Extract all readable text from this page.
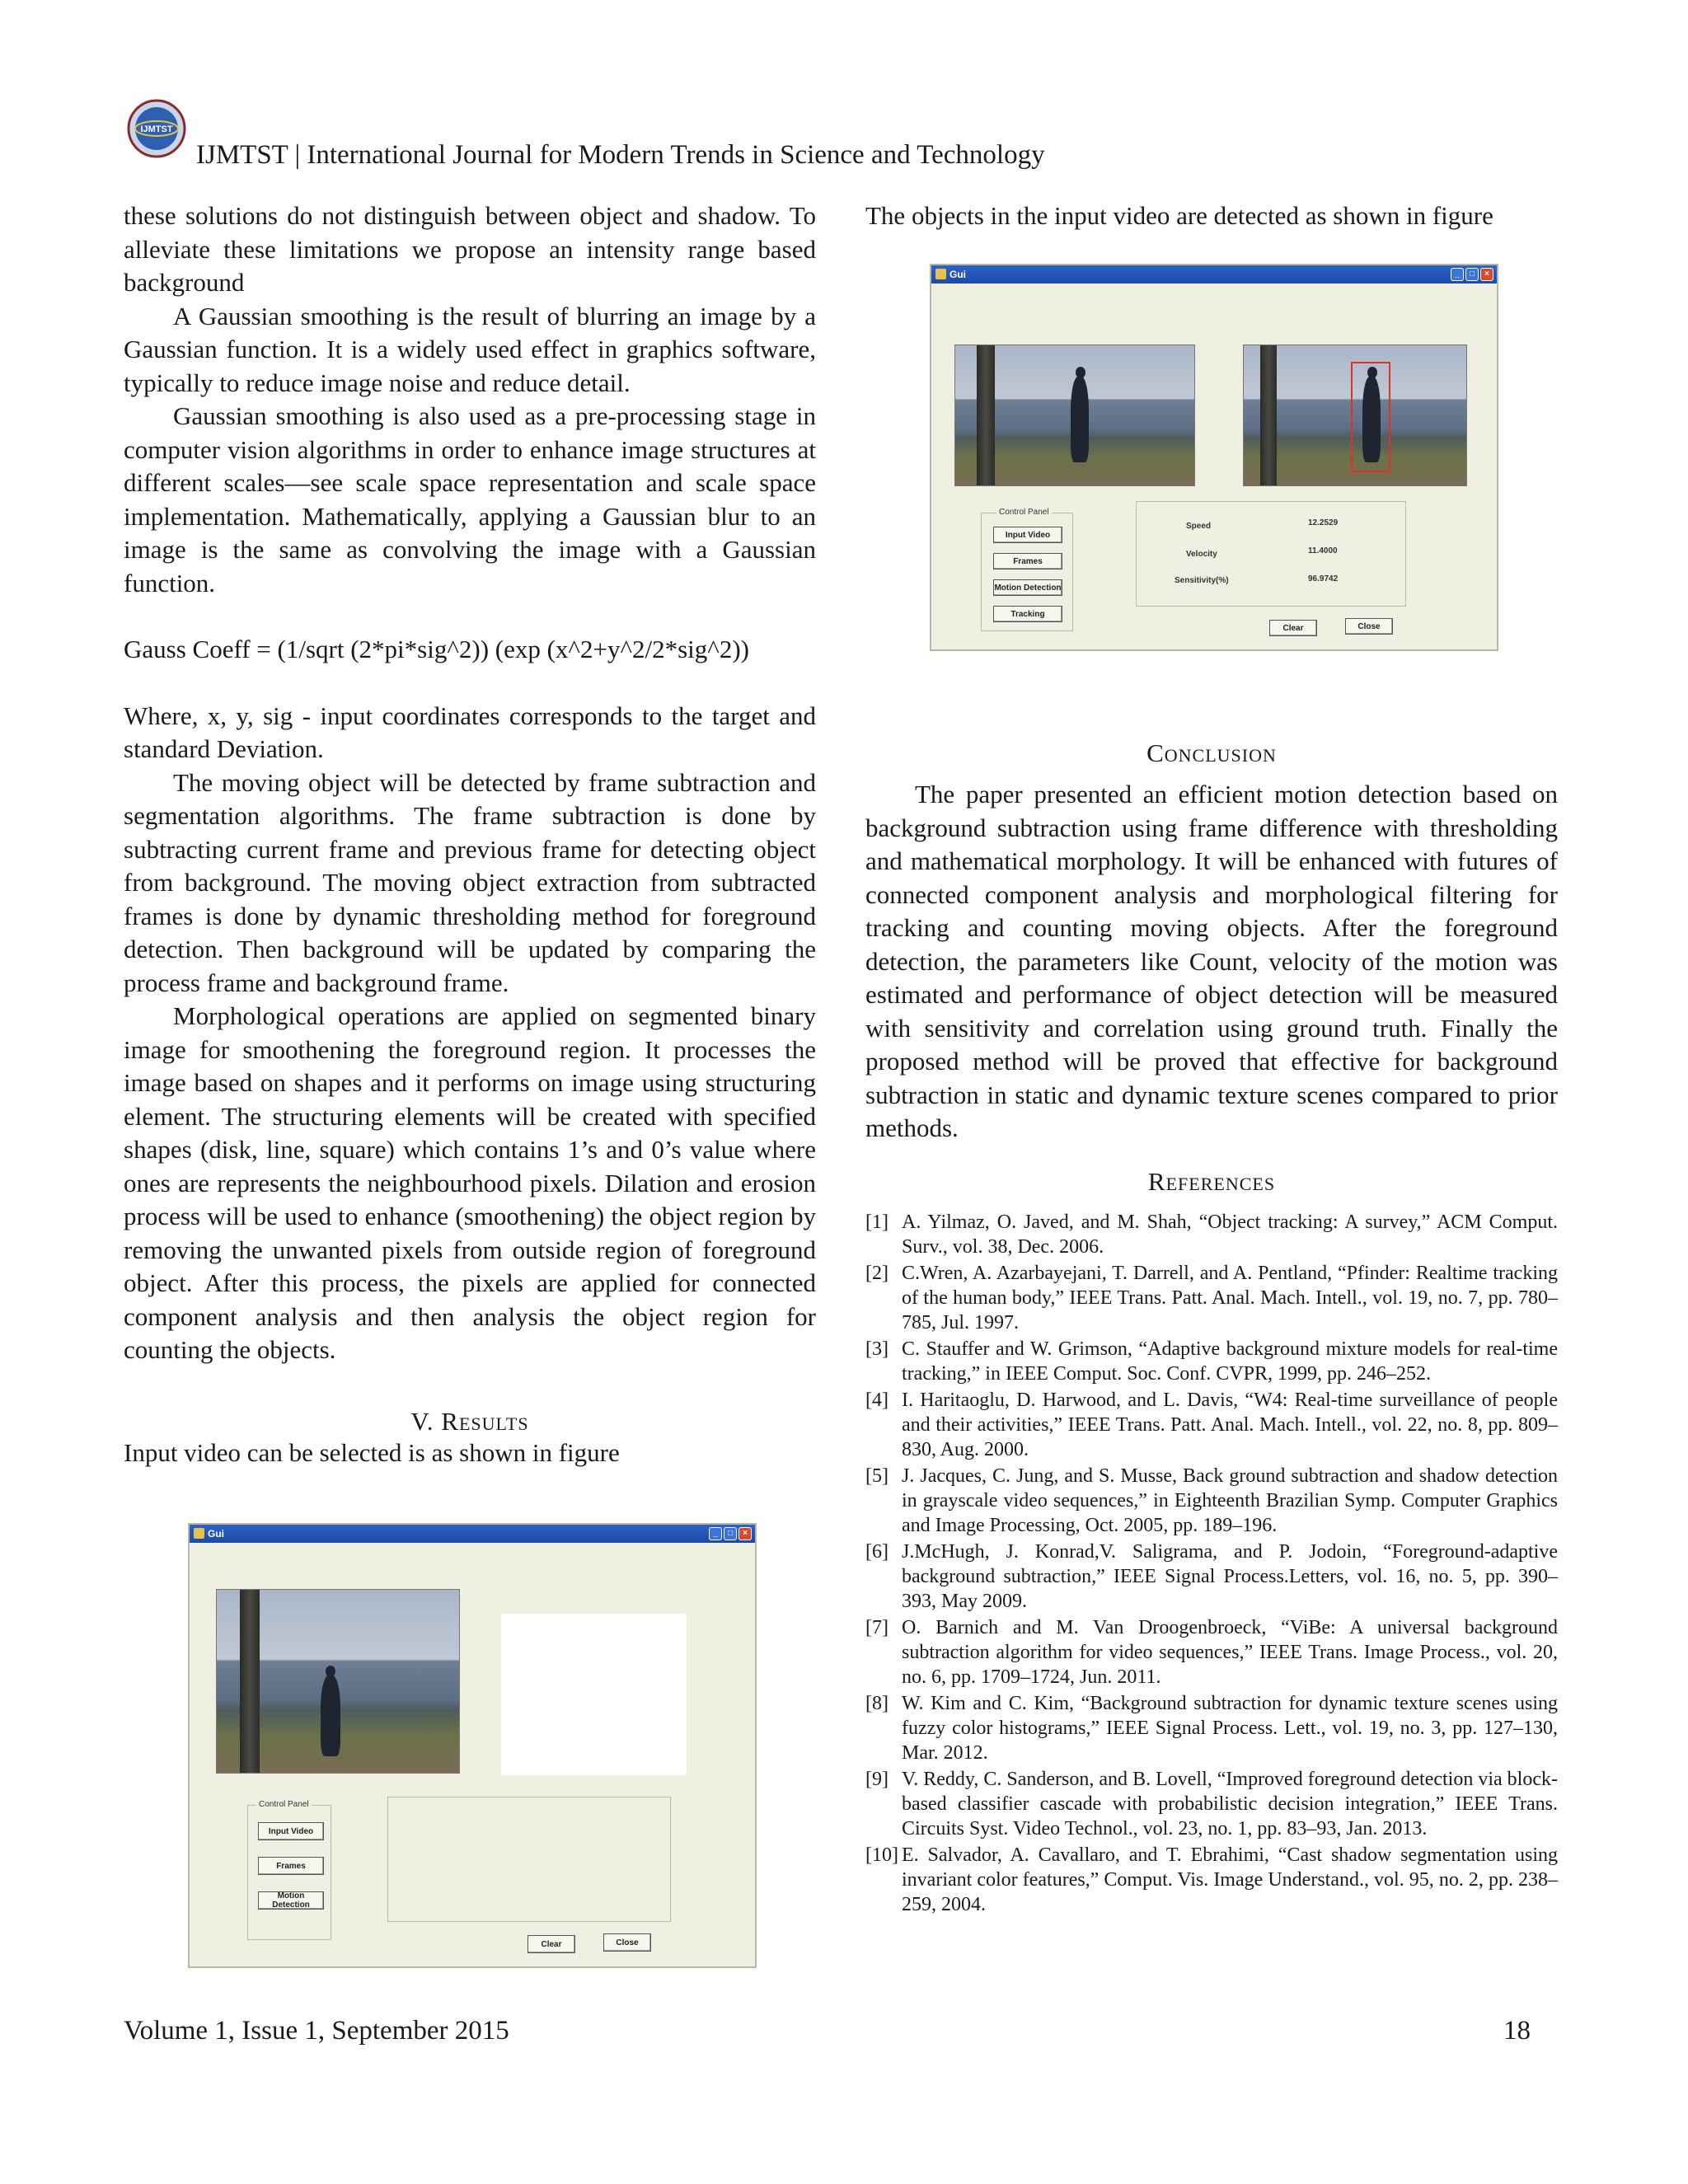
IJMTST
IJMTST | International Journal for Modern Trends in Science and Technology

these solutions do not distinguish between object and shadow. To alleviate these limitations we propose an intensity range based background

A Gaussian smoothing is the result of blurring an image by a Gaussian function. It is a widely used effect in graphics software, typically to reduce image noise and reduce detail.

Gaussian smoothing is also used as a pre-processing stage in computer vision algorithms in order to enhance image structures at different scales—see scale space representation and scale space implementation. Mathematically, applying a Gaussian blur to an image is the same as convolving the image with a Gaussian function.

Gauss Coeff = (1/sqrt (2*pi*sig^2)) (exp (x^2+y^2/2*sig^2))

Where, x, y, sig - input coordinates corresponds to the target and standard Deviation.

The moving object will be detected by frame subtraction and segmentation algorithms. The frame subtraction is done by subtracting current frame and previous frame for detecting object from background. The moving object extraction from subtracted frames is done by dynamic thresholding method for foreground detection. Then background will be updated by comparing the process frame and background frame.

Morphological operations are applied on segmented binary image for smoothening the foreground region. It processes the image based on shapes and it performs on image using structuring element. The structuring elements will be created with specified shapes (disk, line, square) which contains 1’s and 0’s value where ones are represents the neighbourhood pixels. Dilation and erosion process will be used to enhance (smoothening) the object region by removing the unwanted pixels from outside region of foreground object. After this process, the pixels are applied for connected component analysis and then analysis the object region for counting the objects.

V. Results

Input video can be selected is as shown in figure

Gui	_	□	×
Control Panel
Input Video
Frames
Motion Detection
Clear	Close

The objects in the input video are detected as shown in figure

Gui	_	□	×
Control Panel
Input Video
Frames
Motion Detection
Tracking
Speed	12.2529
Velocity	11.4000
Sensitivity(%)	96.9742
Clear	Close
Conclusion

The paper presented an efficient motion detection based on background subtraction using frame difference with thresholding and mathematical morphology. It will be enhanced with futures of connected component analysis and morphological filtering for tracking and counting moving objects. After the foreground detection, the parameters like Count, velocity of the motion was estimated and performance of object detection will be measured with sensitivity and correlation using ground truth. Finally the proposed method will be proved that effective for background subtraction in static and dynamic texture scenes compared to prior methods.

References
[1] A. Yilmaz, O. Javed, and M. Shah, “Object tracking: A survey,” ACM Comput. Surv., vol. 38, Dec. 2006.
[2] C.Wren, A. Azarbayejani, T. Darrell, and A. Pentland, “Pfinder: Realtime tracking of the human body,” IEEE Trans. Patt. Anal. Mach. Intell., vol. 19, no. 7, pp. 780–785, Jul. 1997.
[3] C. Stauffer and W. Grimson, “Adaptive background mixture models for real-time tracking,” in IEEE Comput. Soc. Conf. CVPR, 1999, pp. 246–252.
[4] I. Haritaoglu, D. Harwood, and L. Davis, “W4: Real-time surveillance of people and their activities,” IEEE Trans. Patt. Anal. Mach. Intell., vol. 22, no. 8, pp. 809–830, Aug. 2000.
[5] J. Jacques, C. Jung, and S. Musse, Back ground subtraction and shadow detection in grayscale video sequences,” in Eighteenth Brazilian Symp. Computer Graphics and Image Processing, Oct. 2005, pp. 189–196.
[6] J.McHugh, J. Konrad,V. Saligrama, and P. Jodoin, “Foreground-adaptive background subtraction,” IEEE Signal Process.Letters, vol. 16, no. 5, pp. 390–393, May 2009.
[7] O. Barnich and M. Van Droogenbroeck, “ViBe: A universal background subtraction algorithm for video sequences,” IEEE Trans. Image Process., vol. 20, no. 6, pp. 1709–1724, Jun. 2011.
[8] W. Kim and C. Kim, “Background subtraction for dynamic texture scenes using fuzzy color histograms,” IEEE Signal Process. Lett., vol. 19, no. 3, pp. 127–130, Mar. 2012.
[9] V. Reddy, C. Sanderson, and B. Lovell, “Improved foreground detection via block-based classifier cascade with probabilistic decision integration,” IEEE Trans. Circuits Syst. Video Technol., vol. 23, no. 1, pp. 83–93, Jan. 2013.
[10] E. Salvador, A. Cavallaro, and T. Ebrahimi, “Cast shadow segmentation using invariant color features,” Comput. Vis. Image Understand., vol. 95, no. 2, pp. 238–259, 2004.
Volume 1, Issue 1, September 2015	18
